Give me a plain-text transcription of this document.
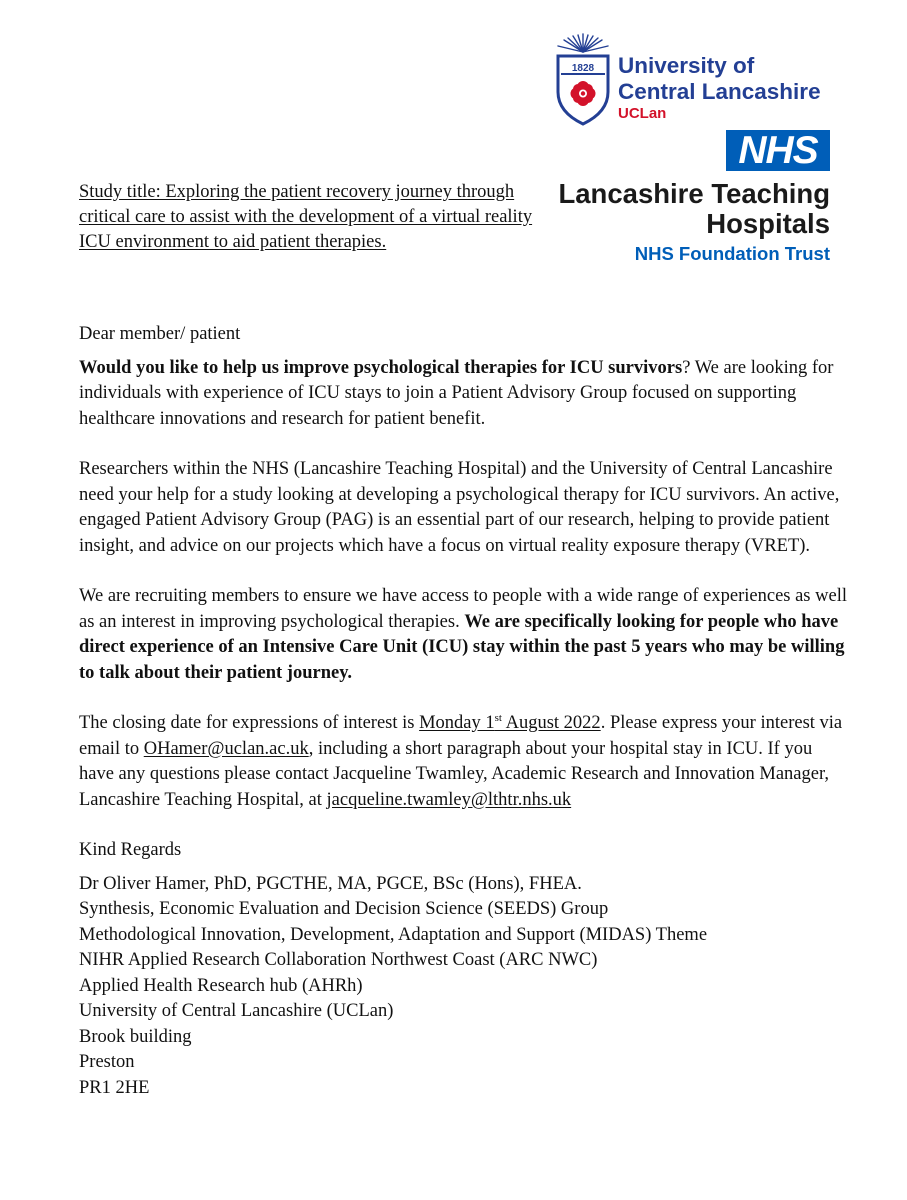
1828	University of
Central Lancashire
UCLan
NHS
Lancashire Teaching
Hospitals
NHS Foundation Trust
Study title: Exploring the patient recovery journey through critical care to assist with the development of a virtual reality ICU environment to aid patient therapies.

Dear member/ patient

Would you like to help us improve psychological therapies for ICU survivors? We are looking for individuals with experience of ICU stays to join a Patient Advisory Group focused on supporting healthcare innovations and research for patient benefit.

Researchers within the NHS (Lancashire Teaching Hospital) and the University of Central Lancashire need your help for a study looking at developing a psychological therapy for ICU survivors. An active, engaged Patient Advisory Group (PAG) is an essential part of our research, helping to provide patient insight, and advice on our projects which have a focus on virtual reality exposure therapy (VRET).

We are recruiting members to ensure we have access to people with a wide range of experiences as well as an interest in improving psychological therapies. We are specifically looking for people who have direct experience of an Intensive Care Unit (ICU) stay within the past 5 years who may be willing to talk about their patient journey.

The closing date for expressions of interest is Monday 1st August 2022. Please express your interest via email to OHamer@uclan.ac.uk, including a short paragraph about your hospital stay in ICU. If you have any questions please contact Jacqueline Twamley, Academic Research and Innovation Manager, Lancashire Teaching Hospital, at jacqueline.twamley@lthtr.nhs.uk

Kind Regards

Dr Oliver Hamer, PhD, PGCTHE, MA, PGCE, BSc (Hons), FHEA.
Synthesis, Economic Evaluation and Decision Science (SEEDS) Group
Methodological Innovation, Development, Adaptation and Support (MIDAS) Theme
NIHR Applied Research Collaboration Northwest Coast (ARC NWC)
Applied Health Research hub (AHRh)
University of Central Lancashire (UCLan)
Brook building
Preston
PR1 2HE
